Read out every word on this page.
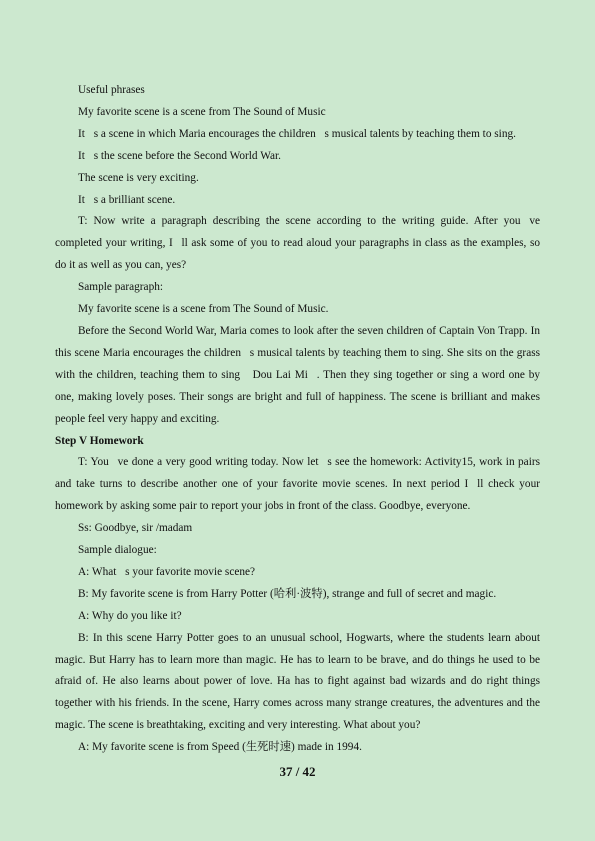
Useful phrases

My favorite scene is a scene from The Sound of Music

It s a scene in which Maria encourages the children s musical talents by teaching them to sing.

It s the scene before the Second World War.

The scene is very exciting.

It s a brilliant scene.

T: Now write a paragraph describing the scene according to the writing guide. After you ve completed your writing, I ll ask some of you to read aloud your paragraphs in class as the examples, so do it as well as you can, yes?

Sample paragraph:

My favorite scene is a scene from The Sound of Music.

Before the Second World War, Maria comes to look after the seven children of Captain Von Trapp. In this scene Maria encourages the children s musical talents by teaching them to sing. She sits on the grass with the children, teaching them to sing  Dou Lai Mi . Then they sing together or sing a word one by one, making lovely poses. Their songs are bright and full of happiness. The scene is brilliant and makes people feel very happy and exciting.

Step V Homework

T: You ve done a very good writing today. Now let s see the homework: Activity15, work in pairs and take turns to describe another one of your favorite movie scenes. In next period I ll check your homework by asking some pair to report your jobs in front of the class. Goodbye, everyone.

Ss: Goodbye, sir /madam

Sample dialogue:

A: What s your favorite movie scene?

B: My favorite scene is from Harry Potter (哈利·波特), strange and full of secret and magic.

A: Why do you like it?

B: In this scene Harry Potter goes to an unusual school, Hogwarts, where the students learn about magic. But Harry has to learn more than magic. He has to learn to be brave, and do things he used to be afraid of. He also learns about power of love. Ha has to fight against bad wizards and do right things together with his friends. In the scene, Harry comes across many strange creatures, the adventures and the magic. The scene is breathtaking, exciting and very interesting. What about you?

A: My favorite scene is from Speed (生死时速) made in 1994.

37 / 42
